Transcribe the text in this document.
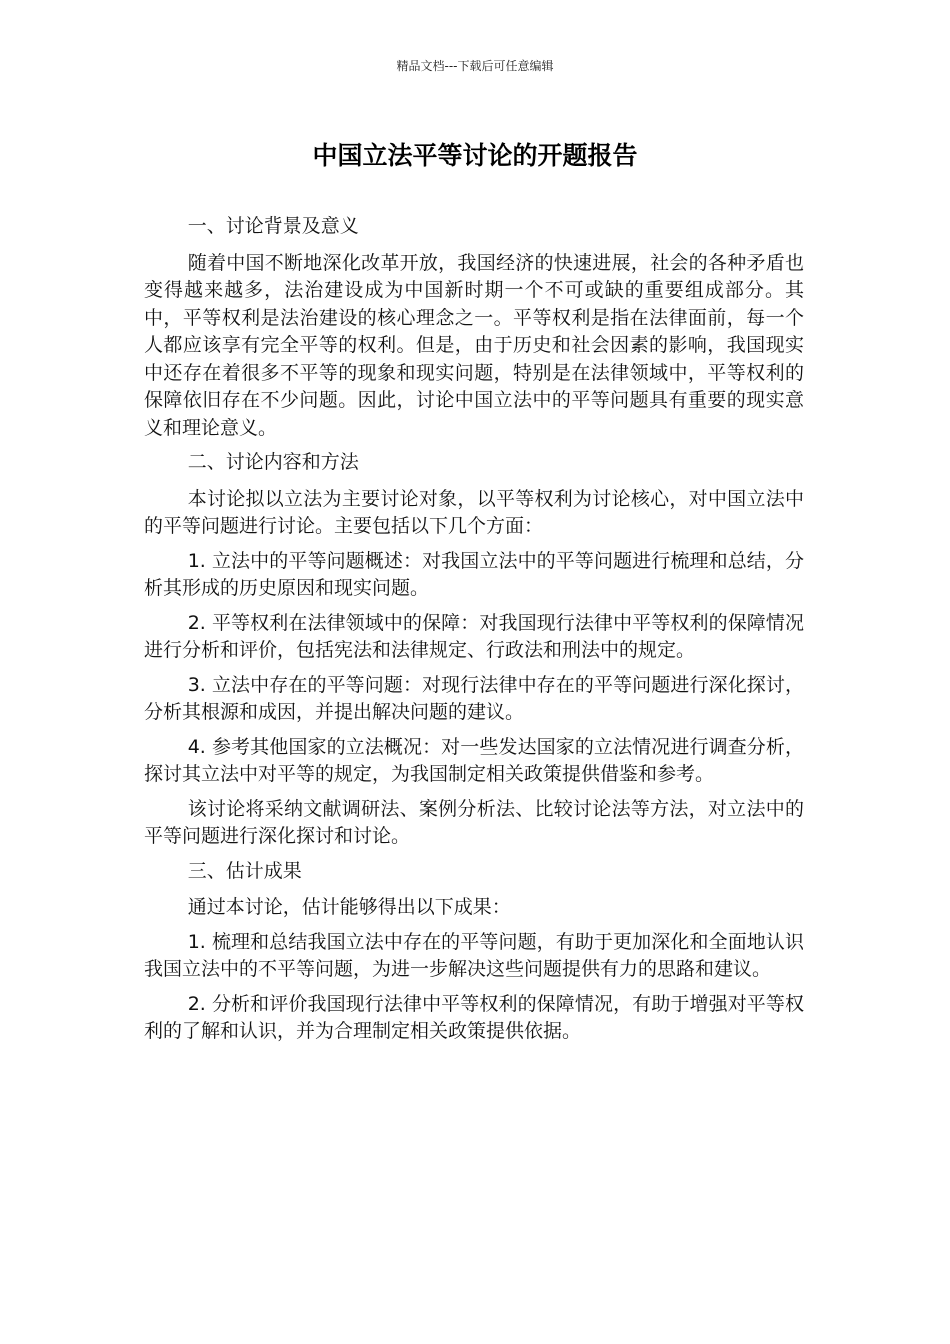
精品文档---下载后可任意编辑
中国立法平等讨论的开题报告

一、讨论背景及意义

随着中国不断地深化改革开放，我国经济的快速进展，社会的各种矛盾也变得越来越多，法治建设成为中国新时期一个不可或缺的重要组成部分。其中，平等权利是法治建设的核心理念之一。平等权利是指在法律面前，每一个人都应该享有完全平等的权利。但是，由于历史和社会因素的影响，我国现实中还存在着很多不平等的现象和现实问题，特别是在法律领域中，平等权利的保障依旧存在不少问题。因此，讨论中国立法中的平等问题具有重要的现实意义和理论意义。

二、讨论内容和方法

本讨论拟以立法为主要讨论对象，以平等权利为讨论核心，对中国立法中的平等问题进行讨论。主要包括以下几个方面：

1. 立法中的平等问题概述：对我国立法中的平等问题进行梳理和总结，分析其形成的历史原因和现实问题。

2. 平等权利在法律领域中的保障：对我国现行法律中平等权利的保障情况进行分析和评价，包括宪法和法律规定、行政法和刑法中的规定。

3. 立法中存在的平等问题：对现行法律中存在的平等问题进行深化探讨，分析其根源和成因，并提出解决问题的建议。

4. 参考其他国家的立法概况：对一些发达国家的立法情况进行调查分析，探讨其立法中对平等的规定，为我国制定相关政策提供借鉴和参考。

该讨论将采纳文献调研法、案例分析法、比较讨论法等方法，对立法中的平等问题进行深化探讨和讨论。

三、估计成果

通过本讨论，估计能够得出以下成果：

1. 梳理和总结我国立法中存在的平等问题，有助于更加深化和全面地认识我国立法中的不平等问题，为进一步解决这些问题提供有力的思路和建议。

2. 分析和评价我国现行法律中平等权利的保障情况，有助于增强对平等权利的了解和认识，并为合理制定相关政策提供依据。
